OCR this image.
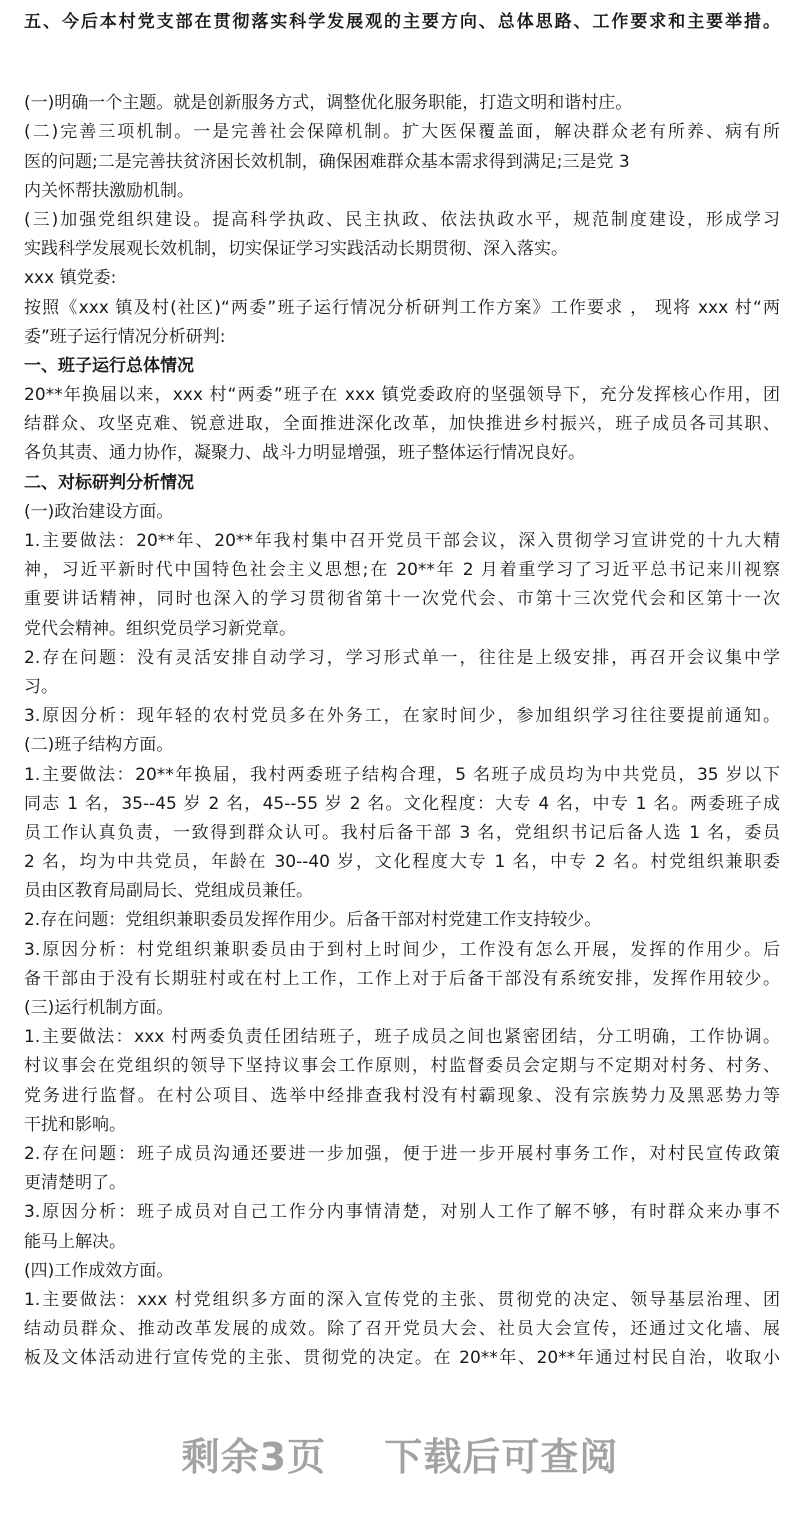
五、今后本村党支部在贯彻落实科学发展观的主要方向、总体思路、工作要求和主要举措。
(一)明确一个主题。就是创新服务方式，调整优化服务职能，打造文明和谐村庄。
(二)完善三项机制。一是完善社会保障机制。扩大医保覆盖面，解决群众老有所养、病有所
医的问题;二是完善扶贫济困长效机制，确保困难群众基本需求得到满足;三是党 3
内关怀帮扶激励机制。
(三)加强党组织建设。提高科学执政、民主执政、依法执政水平，规范制度建设，形成学习
实践科学发展观长效机制，切实保证学习实践活动长期贯彻、深入落实。
xxx 镇党委:
按照《xxx 镇及村(社区)“两委”班子运行情况分析研判工作方案》工作要求 ， 现将 xxx 村“两
委”班子运行情况分析研判:
一、班子运行总体情况
20**年换届以来，xxx 村“两委”班子在 xxx 镇党委政府的坚强领导下，充分发挥核心作用，团
结群众、攻坚克难、锐意进取，全面推进深化改革，加快推进乡村振兴，班子成员各司其职、
各负其责、通力协作，凝聚力、战斗力明显增强，班子整体运行情况良好。
二、对标研判分析情况
(一)政治建设方面。
1.主要做法：20**年、20**年我村集中召开党员干部会议，深入贯彻学习宣讲党的十九大精
神，习近平新时代中国特色社会主义思想;在 20**年 2 月着重学习了习近平总书记来川视察
重要讲话精神，同时也深入的学习贯彻省第十一次党代会、市第十三次党代会和区第十一次
党代会精神。组织党员学习新党章。
2.存在问题：没有灵活安排自动学习，学习形式单一，往往是上级安排，再召开会议集中学
习。
3.原因分析：现年轻的农村党员多在外务工，在家时间少，参加组织学习往往要提前通知。
(二)班子结构方面。
1.主要做法：20**年换届，我村两委班子结构合理，5 名班子成员均为中共党员，35 岁以下
同志 1 名，35--45 岁 2 名，45--55 岁 2 名。文化程度：大专 4 名，中专 1 名。两委班子成
员工作认真负责，一致得到群众认可。我村后备干部 3 名，党组织书记后备人选 1 名，委员
2 名，均为中共党员，年龄在 30--40 岁，文化程度大专 1 名，中专 2 名。村党组织兼职委
员由区教育局副局长、党组成员兼任。
2.存在问题：党组织兼职委员发挥作用少。后备干部对村党建工作支持较少。
3.原因分析：村党组织兼职委员由于到村上时间少，工作没有怎么开展，发挥的作用少。后
备干部由于没有长期驻村或在村上工作，工作上对于后备干部没有系统安排，发挥作用较少。
(三)运行机制方面。
1.主要做法：xxx 村两委负责任团结班子，班子成员之间也紧密团结，分工明确，工作协调。
村议事会在党组织的领导下坚持议事会工作原则，村监督委员会定期与不定期对村务、村务、
党务进行监督。在村公项目、选举中经排查我村没有村霸现象、没有宗族势力及黑恶势力等
干扰和影响。
2.存在问题：班子成员沟通还要进一步加强，便于进一步开展村事务工作，对村民宣传政策
更清楚明了。
3.原因分析：班子成员对自己工作分内事情清楚，对别人工作了解不够，有时群众来办事不
能马上解决。
(四)工作成效方面。
1.主要做法：xxx 村党组织多方面的深入宣传党的主张、贯彻党的决定、领导基层治理、团
结动员群众、推动改革发展的成效。除了召开党员大会、社员大会宣传，还通过文化墙、展
板及文体活动进行宣传党的主张、贯彻党的决定。在 20**年、20**年通过村民自治，收取小
剩余3页 下载后可查阅
